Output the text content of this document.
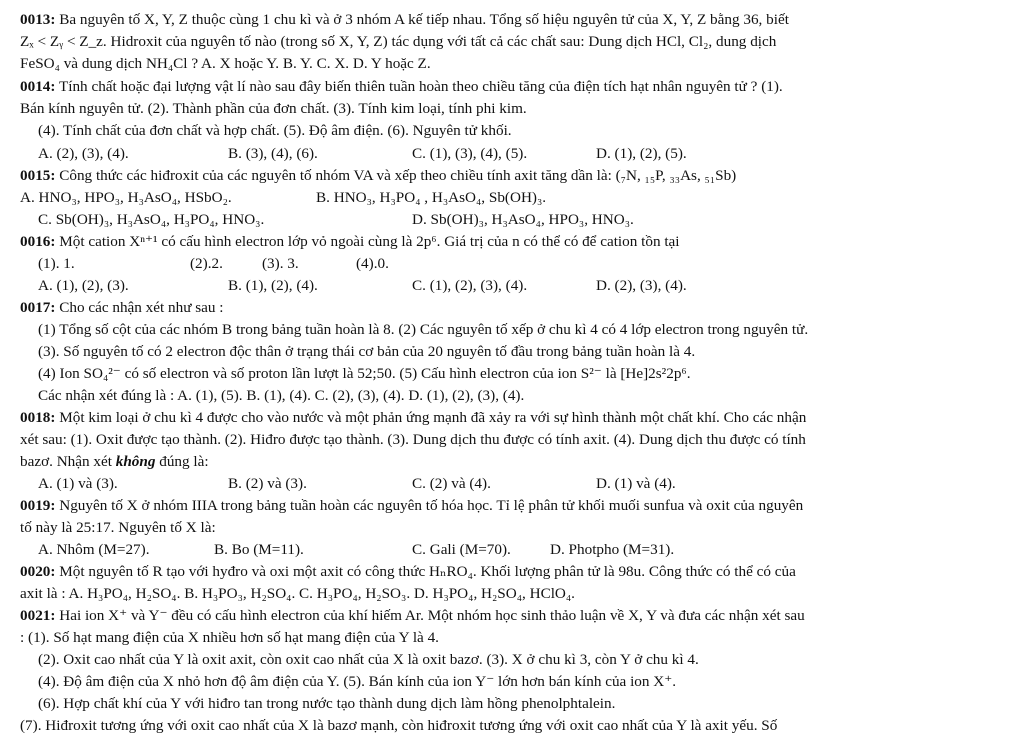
0013: Ba nguyên tố X, Y, Z thuộc cùng 1 chu kì và ở 3 nhóm A kế tiếp nhau. Tổng số hiệu nguyên tử của X, Y, Z bằng 36, biết
Zₓ < Zᵧ < Z_z. Hidroxit của nguyên tố nào (trong số X, Y, Z) tác dụng với tất cả các chất sau: Dung dịch HCl, Cl₂, dung dịch
FeSO₄ và dung dịch NH₄Cl ? A. X hoặc Y. B. Y. C. X. D. Y hoặc Z.
0014: Tính chất hoặc đại lượng vật lí nào sau đây biến thiên tuần hoàn theo chiều tăng của điện tích hạt nhân nguyên tử ? (1).
Bán kính nguyên tử. (2). Thành phần của đơn chất. (3). Tính kim loại, tính phi kim.
(4). Tính chất của đơn chất và hợp chất. (5). Độ âm điện. (6). Nguyên tử khối.
A. (2), (3), (4).	B. (3), (4), (6).	C. (1), (3), (4), (5).	D. (1), (2), (5).
0015: Công thức các hiđroxit của các nguyên tố nhóm VA và xếp theo chiều tính axit tăng dần là: (₇N, ₁₅P, ₃₃As, ₅₁Sb)
A. HNO₃, HPO₃, H₃AsO₄, HSbO₂.	B. HNO₃, H₃PO₄ , H₃AsO₄, Sb(OH)₃.
C. Sb(OH)₃, H₃AsO₄, H₃PO₄, HNO₃.	D. Sb(OH)₃, H₃AsO₄, HPO₃, HNO₃.
0016: Một cation Xⁿ⁺¹ có cấu hình electron lớp vỏ ngoài cùng là 2p⁶. Giá trị của n có thể có để cation tồn tại
(1). 1.	(2).2.	(3). 3.	(4).0.
A. (1), (2), (3).	B. (1), (2), (4).	C. (1), (2), (3), (4).	D. (2), (3), (4).
0017: Cho các nhận xét như sau :
(1) Tổng số cột của các nhóm B trong bảng tuần hoàn là 8. (2) Các nguyên tố xếp ở chu kì 4 có 4 lớp electron trong nguyên tử.
(3). Số nguyên tố có 2 electron độc thân ở trạng thái cơ bản của 20 nguyên tố đầu trong bảng tuần hoàn là 4.
(4) Ion SO₄²⁻ có số electron và số proton lần lượt là 52;50. (5) Cấu hình electron của ion S²⁻ là [He]2s²2p⁶.
Các nhận xét đúng là : A. (1), (5). B. (1), (4). C. (2), (3), (4). D. (1), (2), (3), (4).
0018: Một kim loại ở chu kì 4 được cho vào nước và một phản ứng mạnh đã xảy ra với sự hình thành một chất khí. Cho các nhận
xét sau: (1). Oxit được tạo thành. (2). Hiđro được tạo thành. (3). Dung dịch thu được có tính axit. (4). Dung dịch thu được có tính
bazơ. Nhận xét không đúng là:
A. (1) và (3).	B. (2) và (3).	C. (2) và (4).	D. (1) và (4).
0019: Nguyên tố X ở nhóm IIIA trong bảng tuần hoàn các nguyên tố hóa học. Tỉ lệ phân tử khối muối sunfua và oxit của nguyên
tố này là 25:17. Nguyên tố X là:
A. Nhôm (M=27).	B. Bo (M=11).	C. Gali (M=70).	D. Photpho (M=31).
0020: Một nguyên tố R tạo với hyđro và oxi một axit có công thức HₙRO₄. Khối lượng phân tử là 98u. Công thức có thể có của
axit là : A. H₃PO₄, H₂SO₄. B. H₃PO₃, H₂SO₄. C. H₃PO₄, H₂SO₃. D. H₃PO₄, H₂SO₄, HClO₄.
0021: Hai ion X⁺ và Y⁻ đều có cấu hình electron của khí hiếm Ar. Một nhóm học sinh thảo luận về X, Y và đưa các nhận xét sau
: (1). Số hạt mang điện của X nhiều hơn số hạt mang điện của Y là 4.
(2). Oxit cao nhất của Y là oxit axit, còn oxit cao nhất của X là oxit bazơ. (3). X ở chu kì 3, còn Y ở chu kì 4.
(4). Độ âm điện của X nhỏ hơn độ âm điện của Y. (5). Bán kính của ion Y⁻ lớn hơn bán kính của ion X⁺.
(6). Hợp chất khí của Y với hiđro tan trong nước tạo thành dung dịch làm hồng phenolphtalein.
(7). Hiđroxit tương ứng với oxit cao nhất của X là bazơ mạnh, còn hiđroxit tương ứng với oxit cao nhất của Y là axit yếu. Số
